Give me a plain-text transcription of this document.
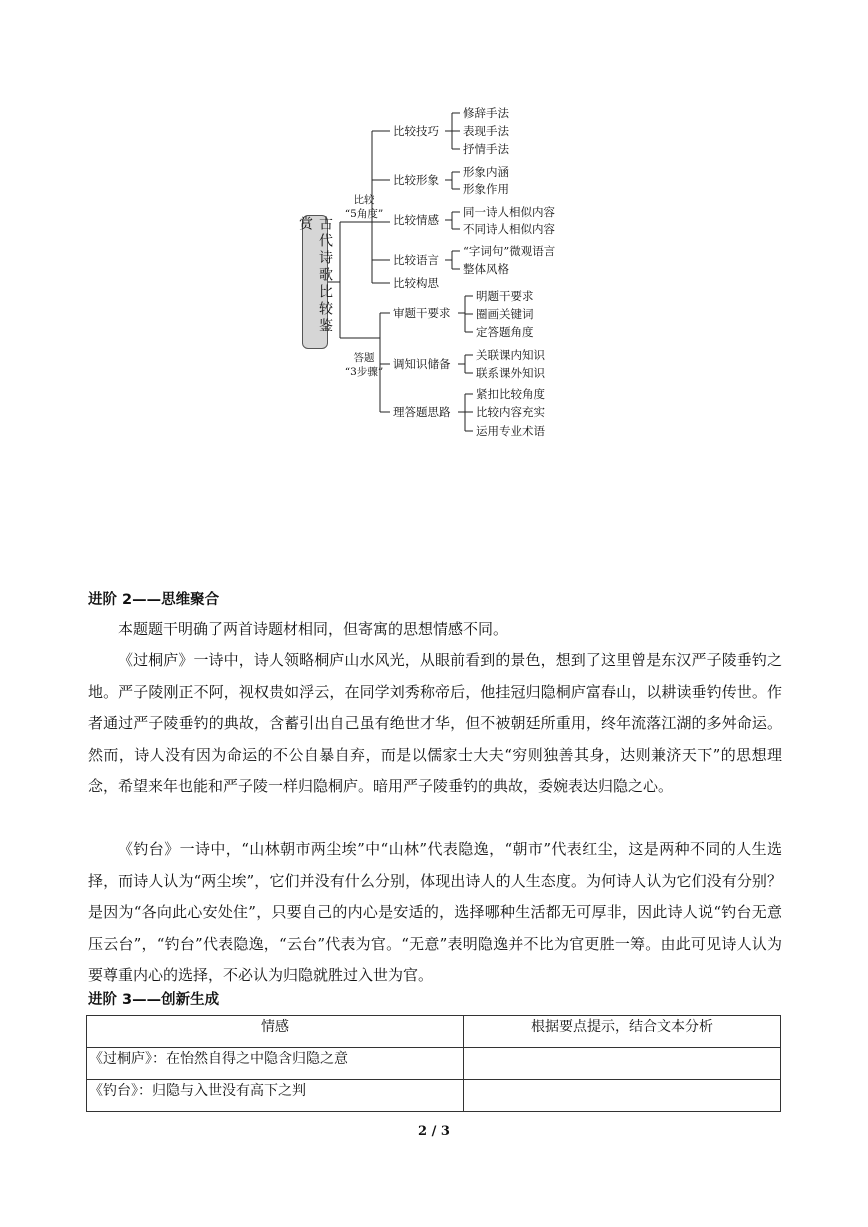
古代诗歌比较鉴赏
比较
“5角度”
答题
“3步骤”
比较技巧
修辞手法
表现手法
抒情手法
比较形象
形象内涵
形象作用
比较情感
同一诗人相似内容
不同诗人相似内容
比较语言
“字词句”微观语言
整体风格
比较构思
审题干要求
明题干要求
圈画关键词
定答题角度
调知识储备
关联课内知识
联系课外知识
理答题思路
紧扣比较角度
比较内容充实
运用专业术语
进阶 2——思维聚合

本题题干明确了两首诗题材相同，但寄寓的思想情感不同。

《过桐庐》一诗中，诗人领略桐庐山水风光，从眼前看到的景色，想到了这里曾是东汉严子陵垂钓之地。严子陵刚正不阿，视权贵如浮云，在同学刘秀称帝后，他挂冠归隐桐庐富春山，以耕读垂钓传世。作者通过严子陵垂钓的典故，含蓄引出自己虽有绝世才华，但不被朝廷所重用，终年流落江湖的多舛命运。然而，诗人没有因为命运的不公自暴自弃，而是以儒家士大夫“穷则独善其身，达则兼济天下”的思想理念，希望来年也能和严子陵一样归隐桐庐。暗用严子陵垂钓的典故，委婉表达归隐之心。

《钓台》一诗中，“山林朝市两尘埃”中“山林”代表隐逸，“朝市”代表红尘，这是两种不同的人生选择，而诗人认为“两尘埃”，它们并没有什么分别，体现出诗人的人生态度。为何诗人认为它们没有分别？是因为“各向此心安处住”，只要自己的内心是安适的，选择哪种生活都无可厚非，因此诗人说“钓台无意压云台”，“钓台”代表隐逸，“云台”代表为官。“无意”表明隐逸并不比为官更胜一筹。由此可见诗人认为要尊重内心的选择，不必认为归隐就胜过入世为官。

进阶 3——创新生成
情感	根据要点提示，结合文本分析
《过桐庐》：在怡然自得之中隐含归隐之意	
《钓台》：归隐与入世没有高下之判	
2 / 3
